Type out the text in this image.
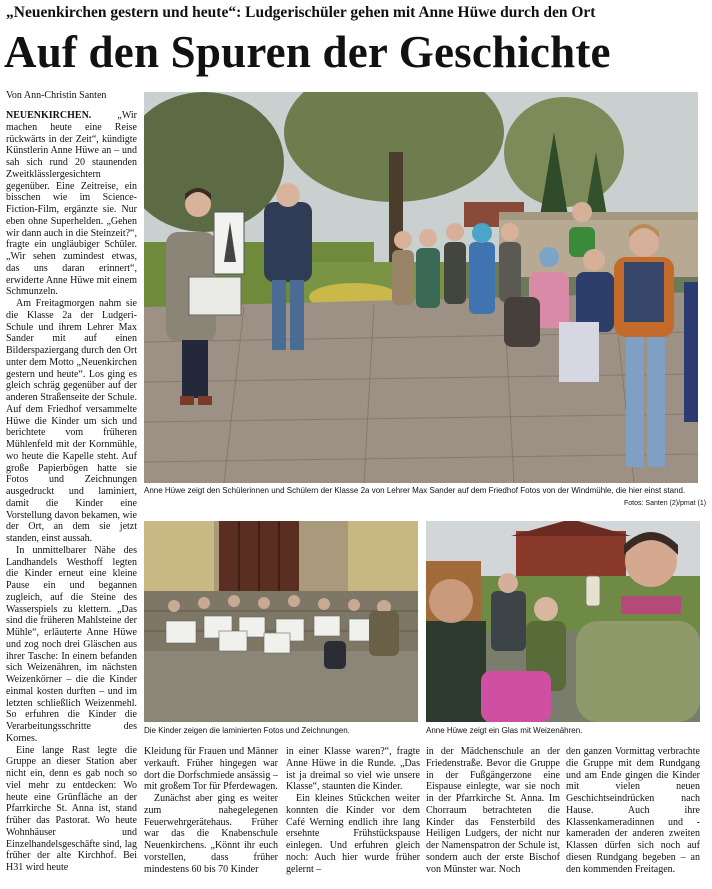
„Neuenkirchen gestern und heute“: Ludgerischüler gehen mit Anne Hüwe durch den Ort
Auf den Spuren der Geschichte
Von Ann-Christin Santen

NEUENKIRCHEN.	„Wir machen heute eine Reise rückwärts in der Zeit“, kündigte Künstlerin Anne Hüwe an – und sah sich rund 20 staunenden Zweitklässlergesichtern gegenüber. Eine Zeitreise, ein bisschen wie im Science-Fiction-Film, ergänzte sie. Nur eben ohne Superhelden. „Gehen wir dann auch in die Steinzeit?“, fragte ein ungläubiger Schüler. „Wir sehen zumindest etwas, das uns daran erinnert“, erwiderte Anne Hüwe mit einem Schmunzeln.

Am Freitagmorgen nahm sie die Klasse 2a der Ludgeri-Schule und ihrem Lehrer Max Sander mit auf einen Bilderspaziergang durch den Ort unter dem Motto „Neuenkirchen gestern und heute“. Los ging es gleich schräg gegenüber auf der anderen Straßenseite der Schule. Auf dem Friedhof versammelte Hüwe die Kinder um sich und berichtete vom früheren Mühlenfeld mit der Kornmühle, wo heute die Kapelle steht. Auf große Papierbögen hatte sie Fotos und Zeichnungen ausgedruckt und laminiert, damit die Kinder eine Vorstellung davon bekamen, wie der Ort, an dem sie jetzt standen, einst aussah.

In unmittelbarer Nähe des Landhandels Westhoff legten die Kinder erneut eine kleine Pause ein und begannen zugleich, auf die Steine des Wasserspiels zu klettern. „Das sind die früheren Mahlsteine der Mühle“, erläuterte Anne Hüwe und zog noch drei Gläschen aus ihrer Tasche: In einem befanden sich Weizenähren, im nächsten Weizenkörner – die die Kinder einmal kosten durften – und im letzten schließlich Weizenmehl. So erfuhren die Kinder die Verarbeitungsschritte des Kornes.

Eine lange Rast legte die Gruppe an dieser Station aber nicht ein, denn es gab noch so viel mehr zu entdecken: Wo heute eine Grünfläche an der Pfarrkirche St. Anna ist, stand früher das Pastorat. Wo heute Wohnhäuser und Einzelhandelsgeschäfte sind, lag früher der alte Kirchhof. Bei H31 wird heute

Anne Hüwe zeigt den Schülerinnen und Schülern der Klasse 2a von Lehrer Max Sander auf dem Friedhof Fotos von der Windmühle, die hier einst stand.
Fotos: Santen (2)/pmat (1)
Die Kinder zeigen die laminierten Fotos und Zeichnungen.	Anne Hüwe zeigt ein Glas mit Weizenähren.

Kleidung für Frauen und Männer verkauft. Früher hingegen war dort die Dorfschmiede ansässig – mit großem Tor für Pferdewagen.

Zunächst aber ging es weiter zum nahegelegenen Feuerwehrgerätehaus. Früher war das die Knabenschule Neuenkirchens. „Könnt ihr euch vorstellen, dass früher mindestens 60 bis 70 Kinder

in einer Klasse waren?“, fragte Anne Hüwe in die Runde. „Das ist ja dreimal so viel wie unsere Klasse“, staunten die Kinder.

Ein kleines Stückchen weiter konnten die Kinder vor dem Café Werning endlich ihre lang ersehnte Frühstückspause einlegen. Und erfuhren gleich noch: Auch hier wurde früher gelernt –

in der Mädchenschule an der Friedenstraße. Bevor die Gruppe in der Fußgängerzone eine Eispause einlegte, war sie noch in der Pfarrkirche St. Anna. Im Chorraum betrachteten die Kinder das Fensterbild des Heiligen Ludgers, der nicht nur der Namenspatron der Schule ist, sondern auch der erste Bischof von Münster war. Noch

den ganzen Vormittag verbrachte die Gruppe mit dem Rundgang und am Ende gingen die Kinder mit vielen neuen Geschichtseindrücken nach Hause. Auch ihre Klassenkameradinnen und -kameraden der anderen zweiten Klassen dürfen sich noch auf diesen Rundgang begeben – an den kommenden Freitagen.
